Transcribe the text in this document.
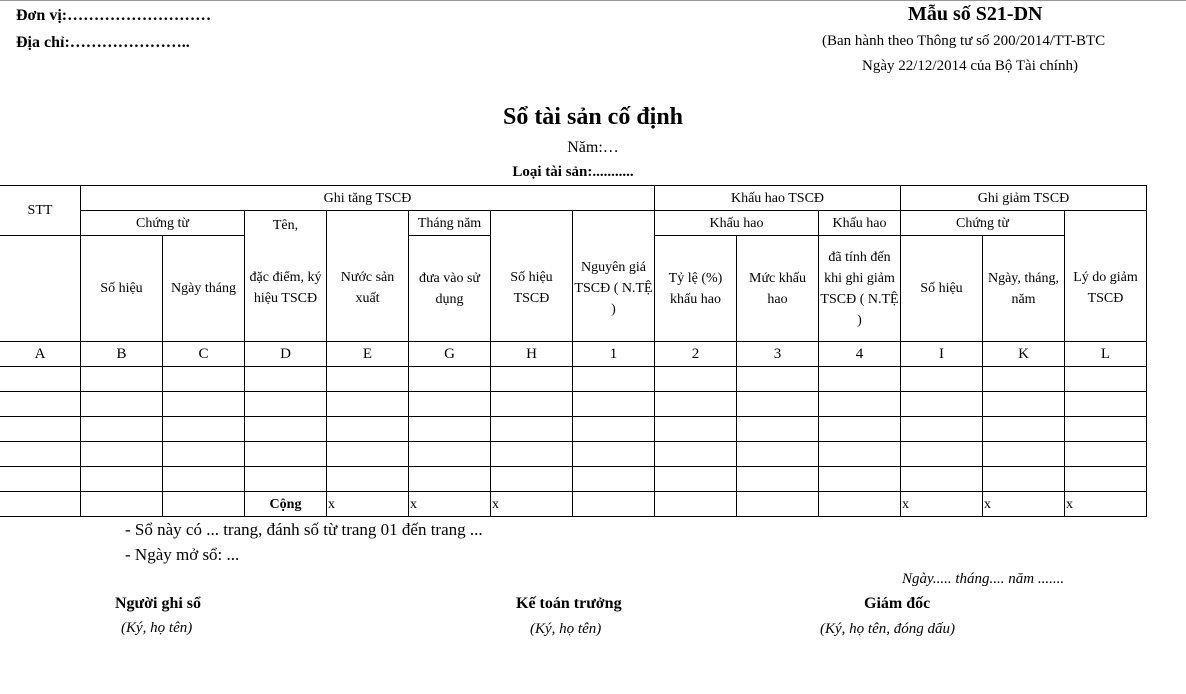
Đơn vị:………………………
Địa chỉ:…………………..
Mẫu số S21-DN
(Ban hành theo Thông tư số 200/2014/TT-BTC
Ngày 22/12/2014 của Bộ Tài chính)
Sổ tài sản cố định
Năm:…
Loại tài sản:...........
STT	Ghi tăng TSCĐ							Khấu hao TSCĐ			Ghi giảm TSCĐ		
	Chứng từ		Tên,		Tháng năm			Khấu hao		Khấu hao	Chứng từ		
	Số hiệu	Ngày tháng	đặc điểm, ký hiệu TSCĐ	Nước sản xuất	đưa vào sử dụng	Số hiệu TSCĐ	Nguyên giá TSCĐ ( N.TỆ )	Tỷ lệ (%) khấu hao	Mức khấu hao	đã tính đến khi ghi giảm TSCĐ ( N.TỆ )	Số hiệu	Ngày, tháng, năm	Lý do giảm TSCĐ
A	B	C	D	E	G	H	1	2	3	4	I	K	L

			Cộng	x	x	x					x	x	x
- Sổ này có ... trang, đánh số từ trang 01 đến trang ...
- Ngày mở sổ: ...
Ngày..... tháng.... năm .......
Người ghi sổ
(Ký, họ tên)
Kế toán trưởng
(Ký, họ tên)
Giám đốc
(Ký, họ tên, đóng dấu)
